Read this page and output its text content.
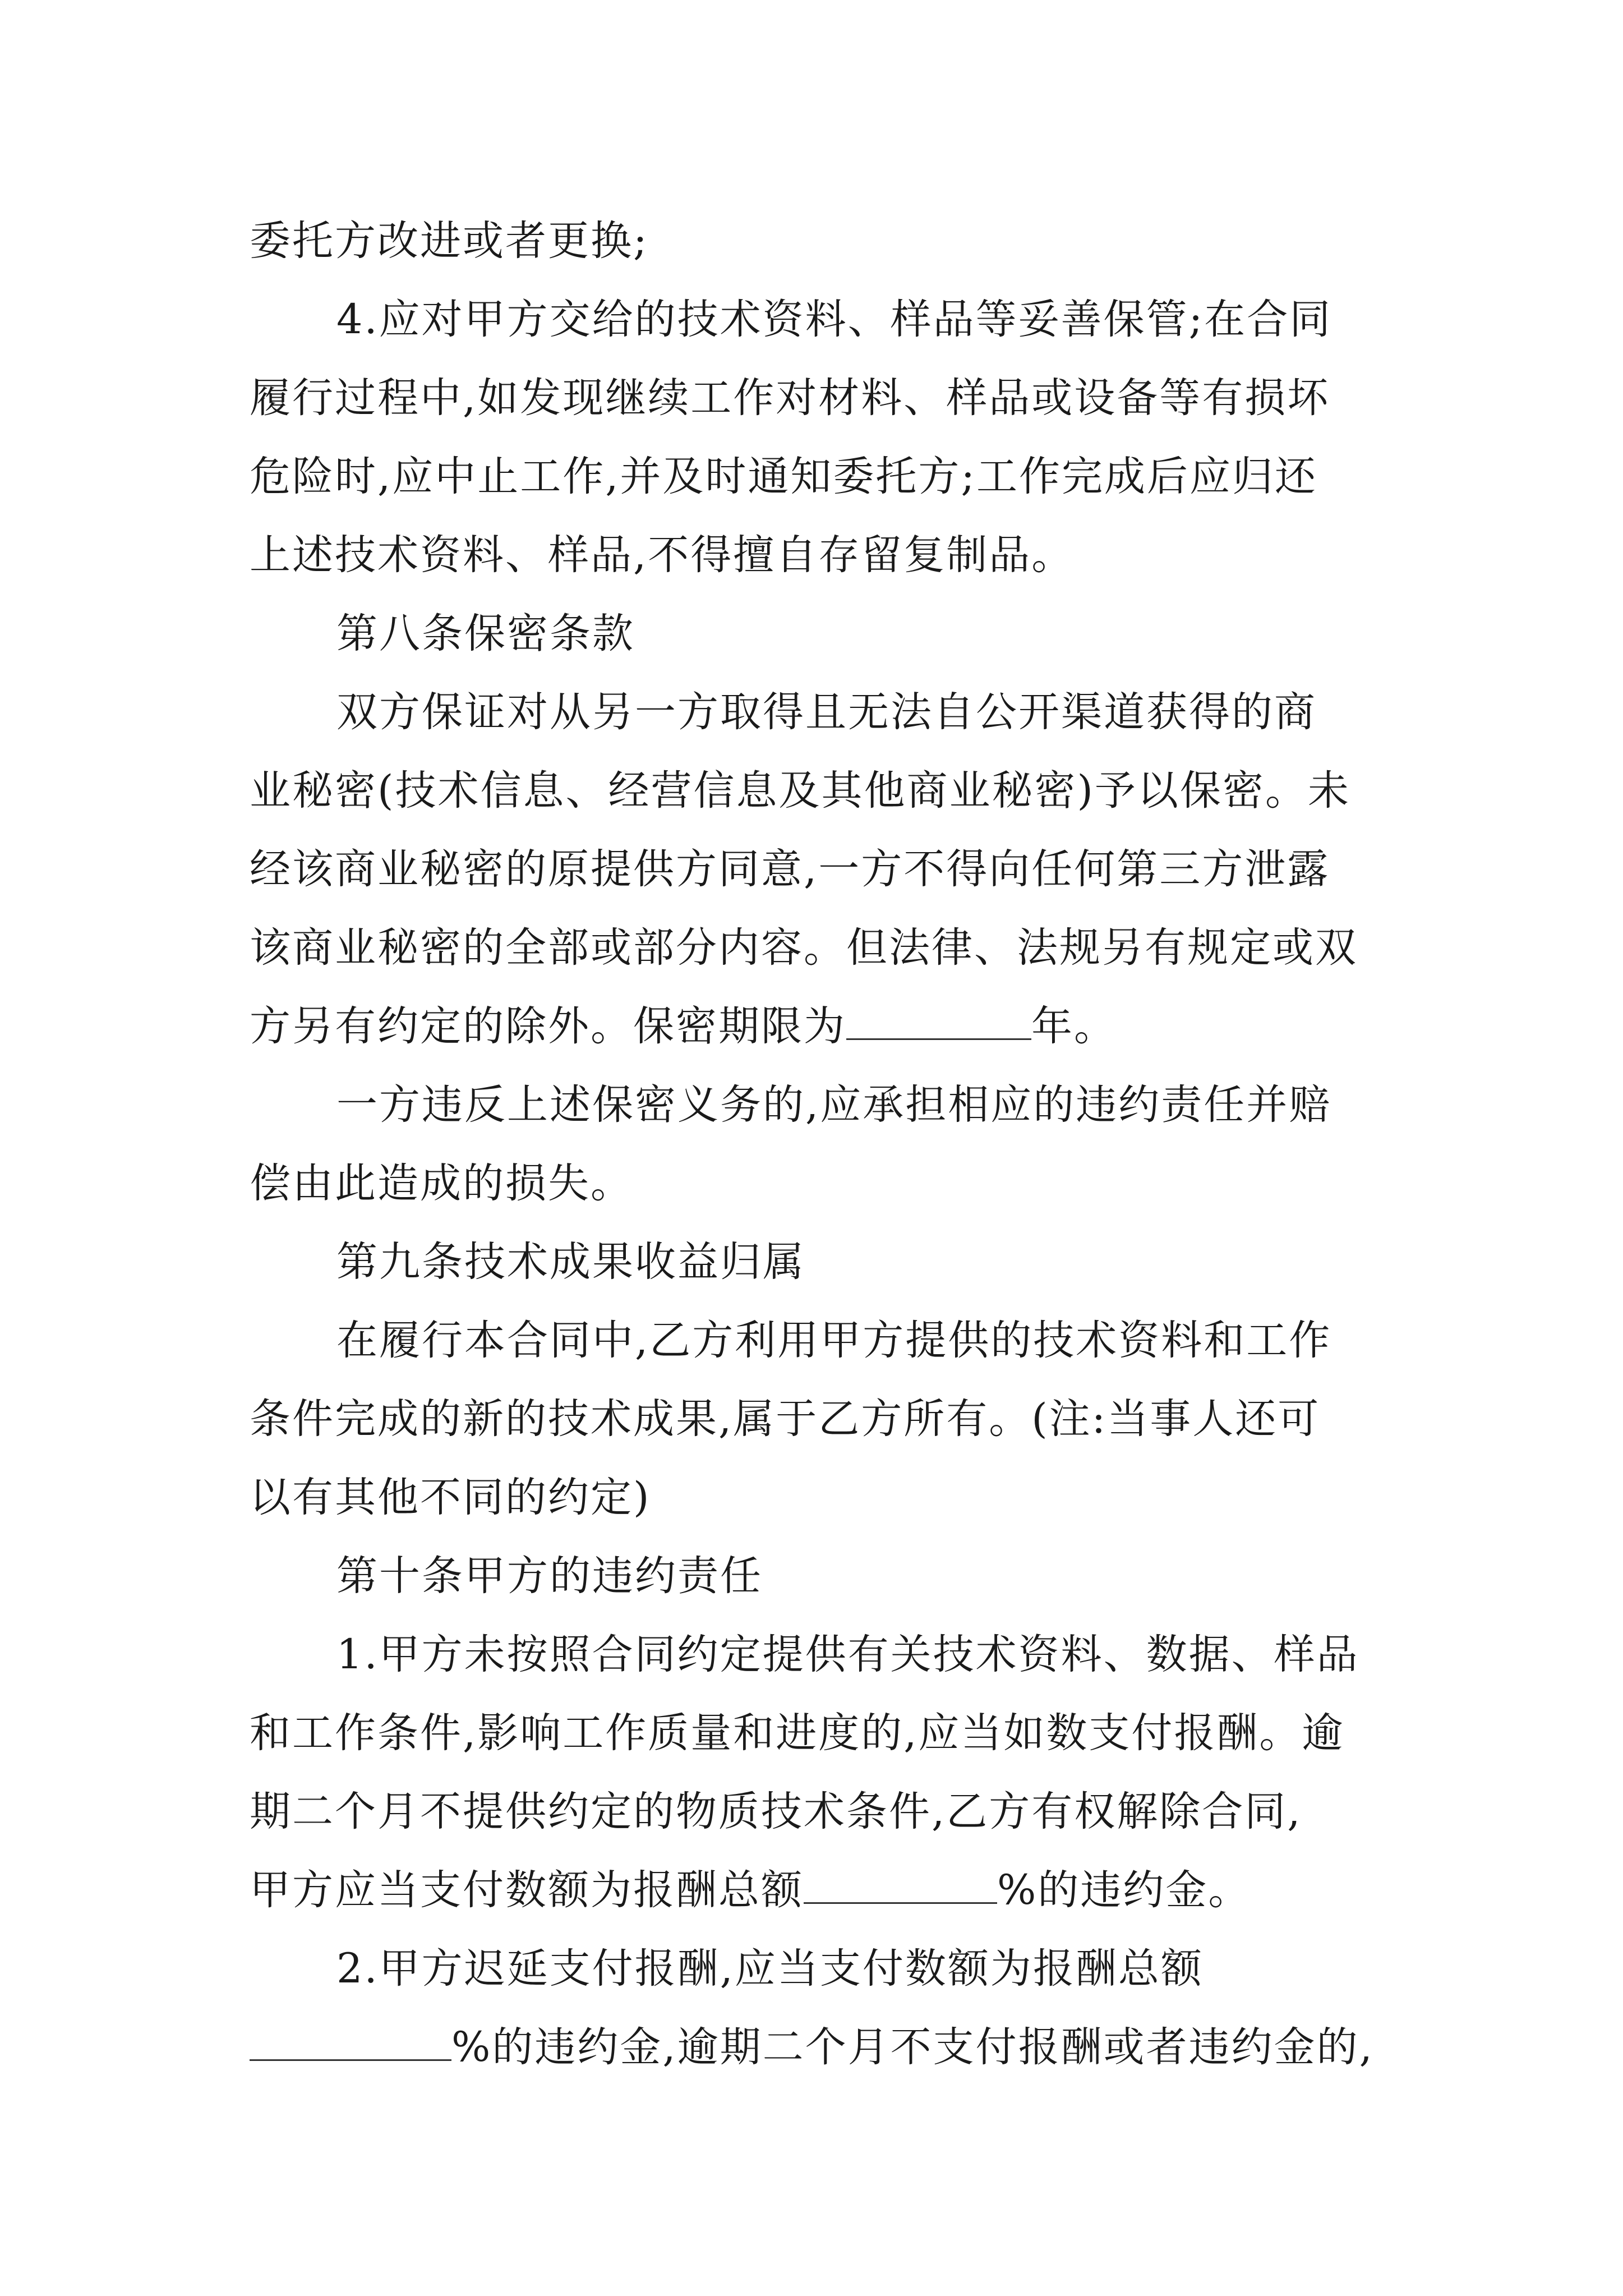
委托方改进或者更换;
4.应对甲方交给的技术资料、样品等妥善保管;在合同
履行过程中,如发现继续工作对材料、样品或设备等有损坏
危险时,应中止工作,并及时通知委托方;工作完成后应归还
上述技术资料、样品,不得擅自存留复制品。
第八条保密条款
双方保证对从另一方取得且无法自公开渠道获得的商
业秘密(技术信息、经营信息及其他商业秘密)予以保密。未
经该商业秘密的原提供方同意,一方不得向任何第三方泄露
该商业秘密的全部或部分内容。但法律、法规另有规定或双
方另有约定的除外。保密期限为	年。
一方违反上述保密义务的,应承担相应的违约责任并赔
偿由此造成的损失。
第九条技术成果收益归属
在履行本合同中,乙方利用甲方提供的技术资料和工作
条件完成的新的技术成果,属于乙方所有。(注:当事人还可
以有其他不同的约定)
第十条甲方的违约责任
1.甲方未按照合同约定提供有关技术资料、数据、样品
和工作条件,影响工作质量和进度的,应当如数支付报酬。逾
期二个月不提供约定的物质技术条件,乙方有权解除合同,
甲方应当支付数额为报酬总额	%的违约金。
2.甲方迟延支付报酬,应当支付数额为报酬总额
%的违约金,逾期二个月不支付报酬或者违约金的,
